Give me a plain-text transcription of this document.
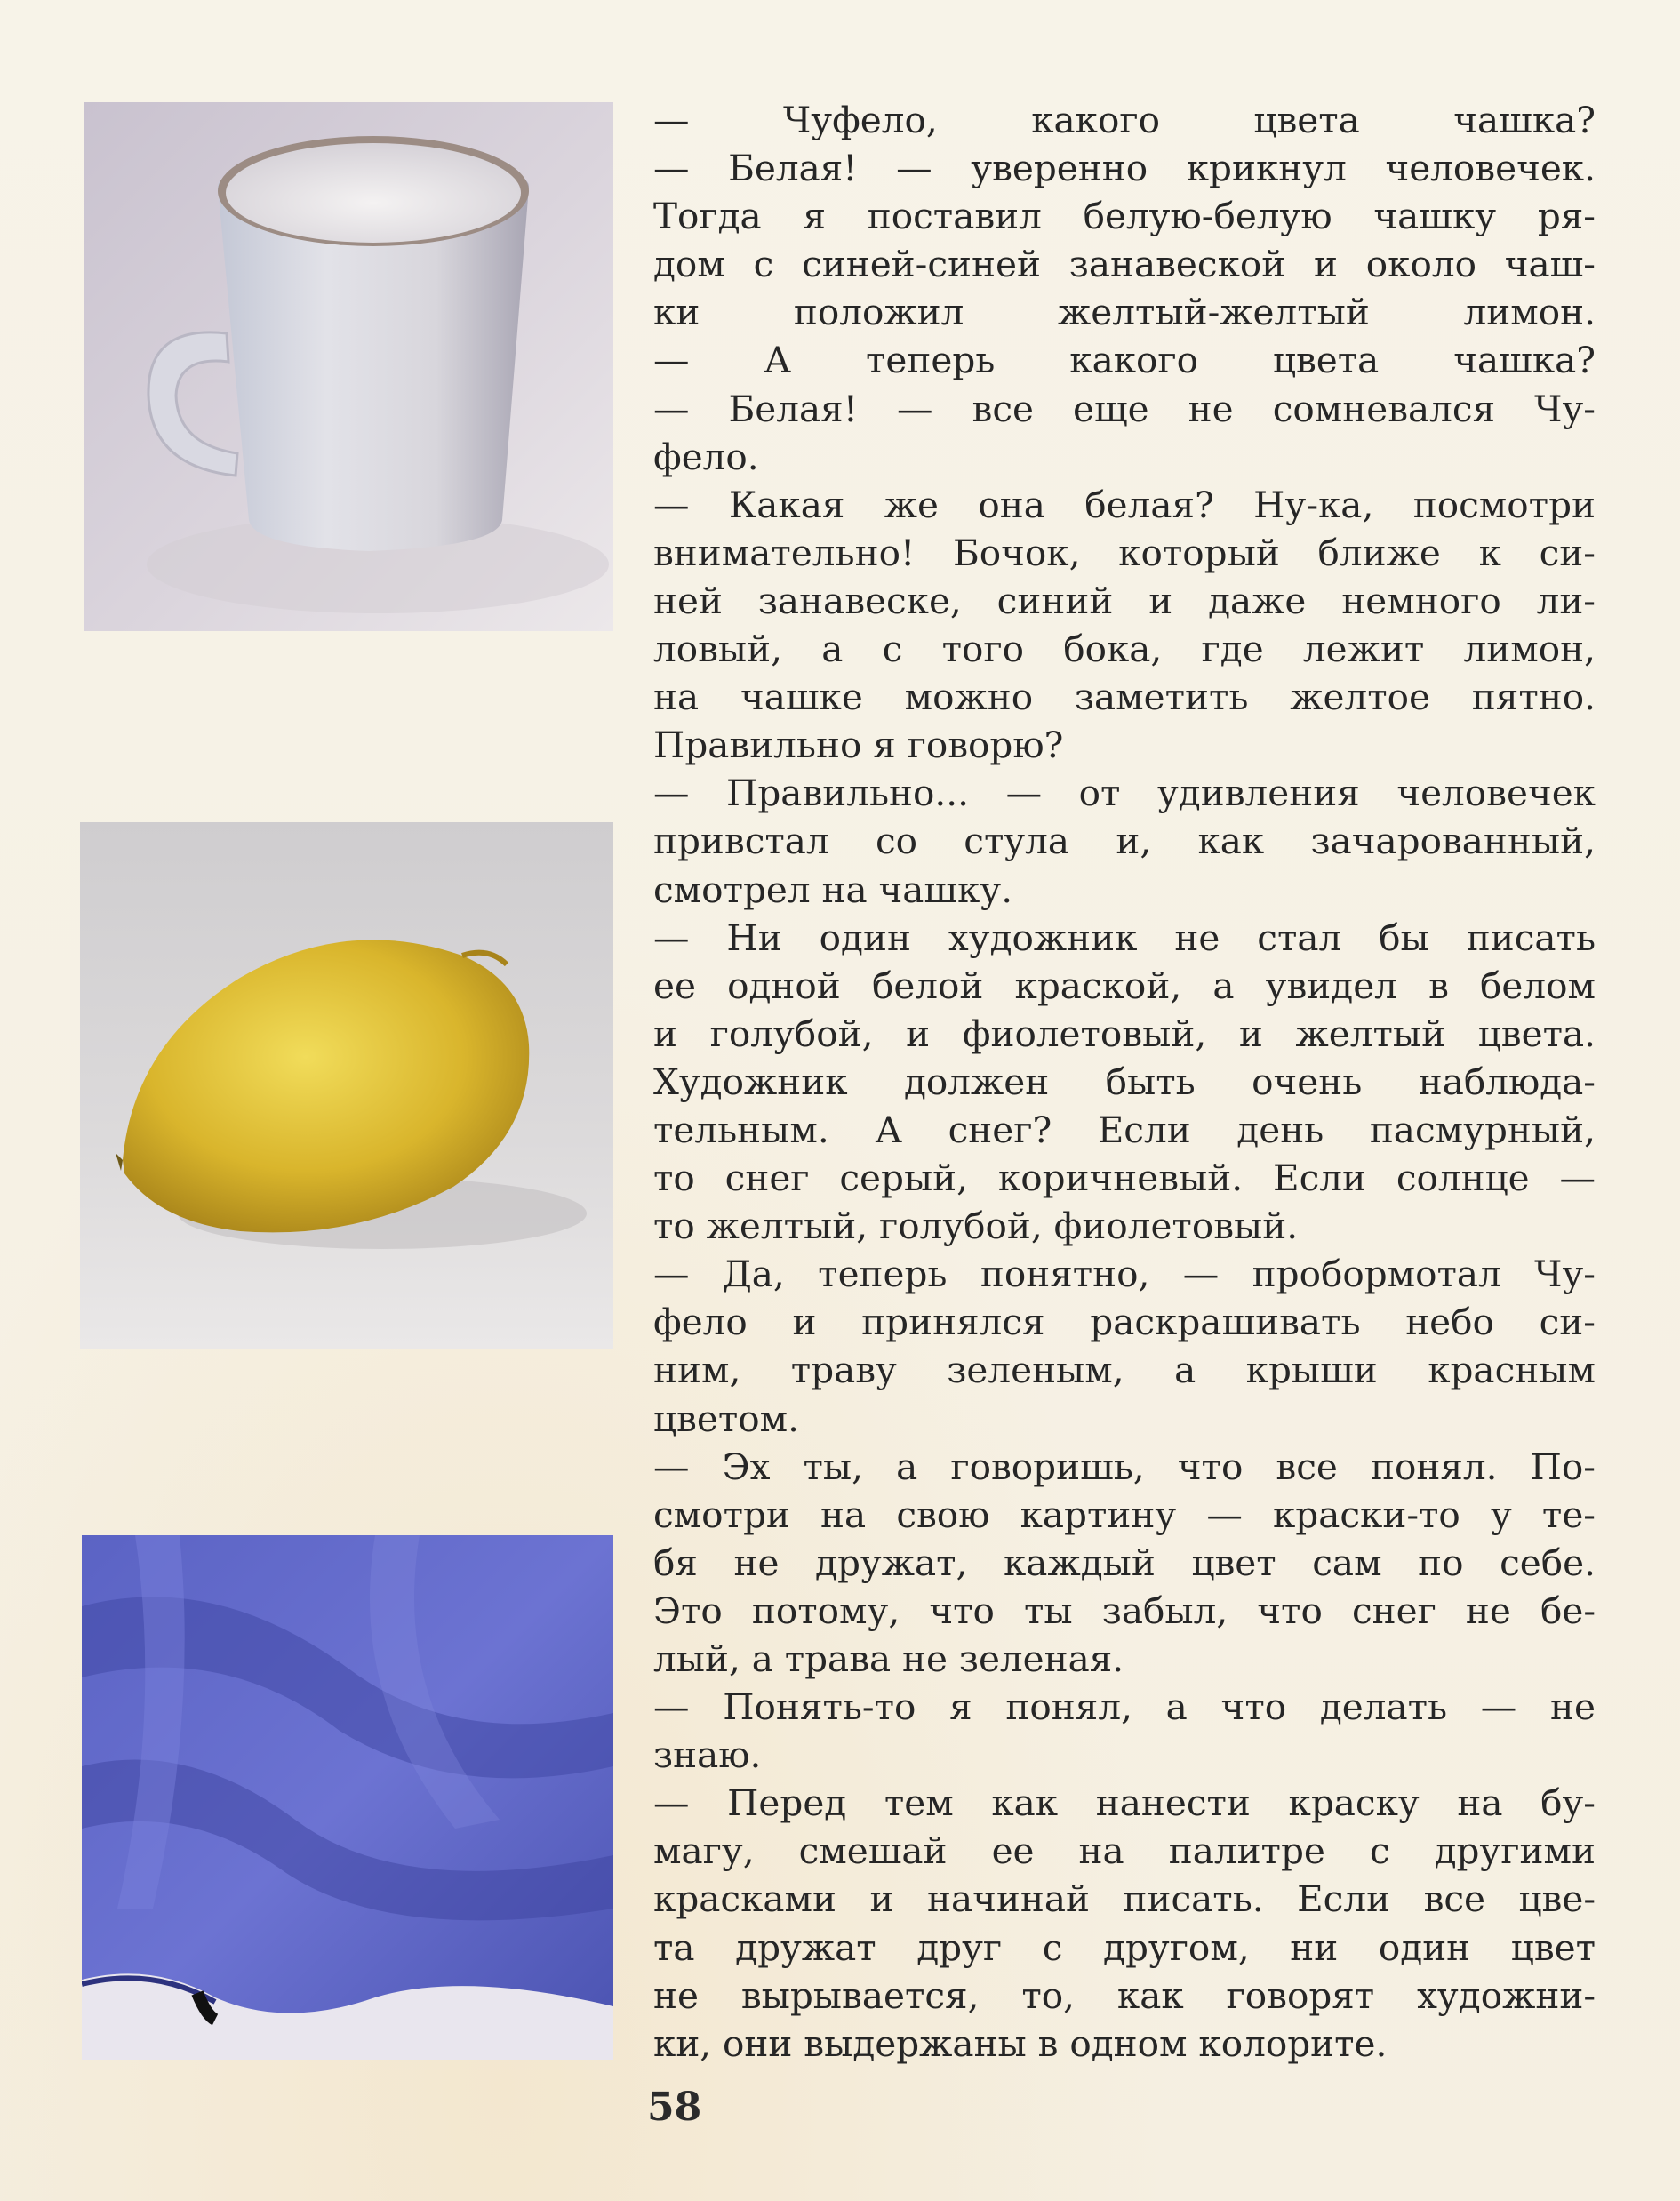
— Чуфело, какого цвета чашка?
— Белая! — уверенно крикнул человечек.
Тогда я поставил белую-белую чашку ря-
дом с синей-синей занавеской и около чаш-
ки положил желтый-желтый лимон.
— А теперь какого цвета чашка?
— Белая! — все еще не сомневался Чу-
фело.
— Какая же она белая? Ну-ка, посмотри
внимательно! Бочок, который ближе к си-
ней занавеске, синий и даже немного ли-
ловый, а с того бока, где лежит лимон,
на чашке можно заметить желтое пятно.
Правильно я говорю?
— Правильно... — от удивления человечек
привстал со стула и, как зачарованный,
смотрел на чашку.
— Ни один художник не стал бы писать
ее одной белой краской, а увидел в белом
и голубой, и фиолетовый, и желтый цвета.
Художник должен быть очень наблюда-
тельным. А снег? Если день пасмурный,
то снег серый, коричневый. Если солнце —
то желтый, голубой, фиолетовый.
— Да, теперь понятно, — пробормотал Чу-
фело и принялся раскрашивать небо си-
ним, траву зеленым, а крыши красным
цветом.
— Эх ты, а говоришь, что все понял. По-
смотри на свою картину — краски-то у те-
бя не дружат, каждый цвет сам по себе.
Это потому, что ты забыл, что снег не бе-
лый, а трава не зеленая.
— Понять-то я понял, а что делать — не
знаю.
— Перед тем как нанести краску на бу-
магу, смешай ее на палитре с другими
красками и начинай писать. Если все цве-
та дружат друг с другом, ни один цвет
не вырывается, то, как говорят художни-
ки, они выдержаны в одном колорите.
58
